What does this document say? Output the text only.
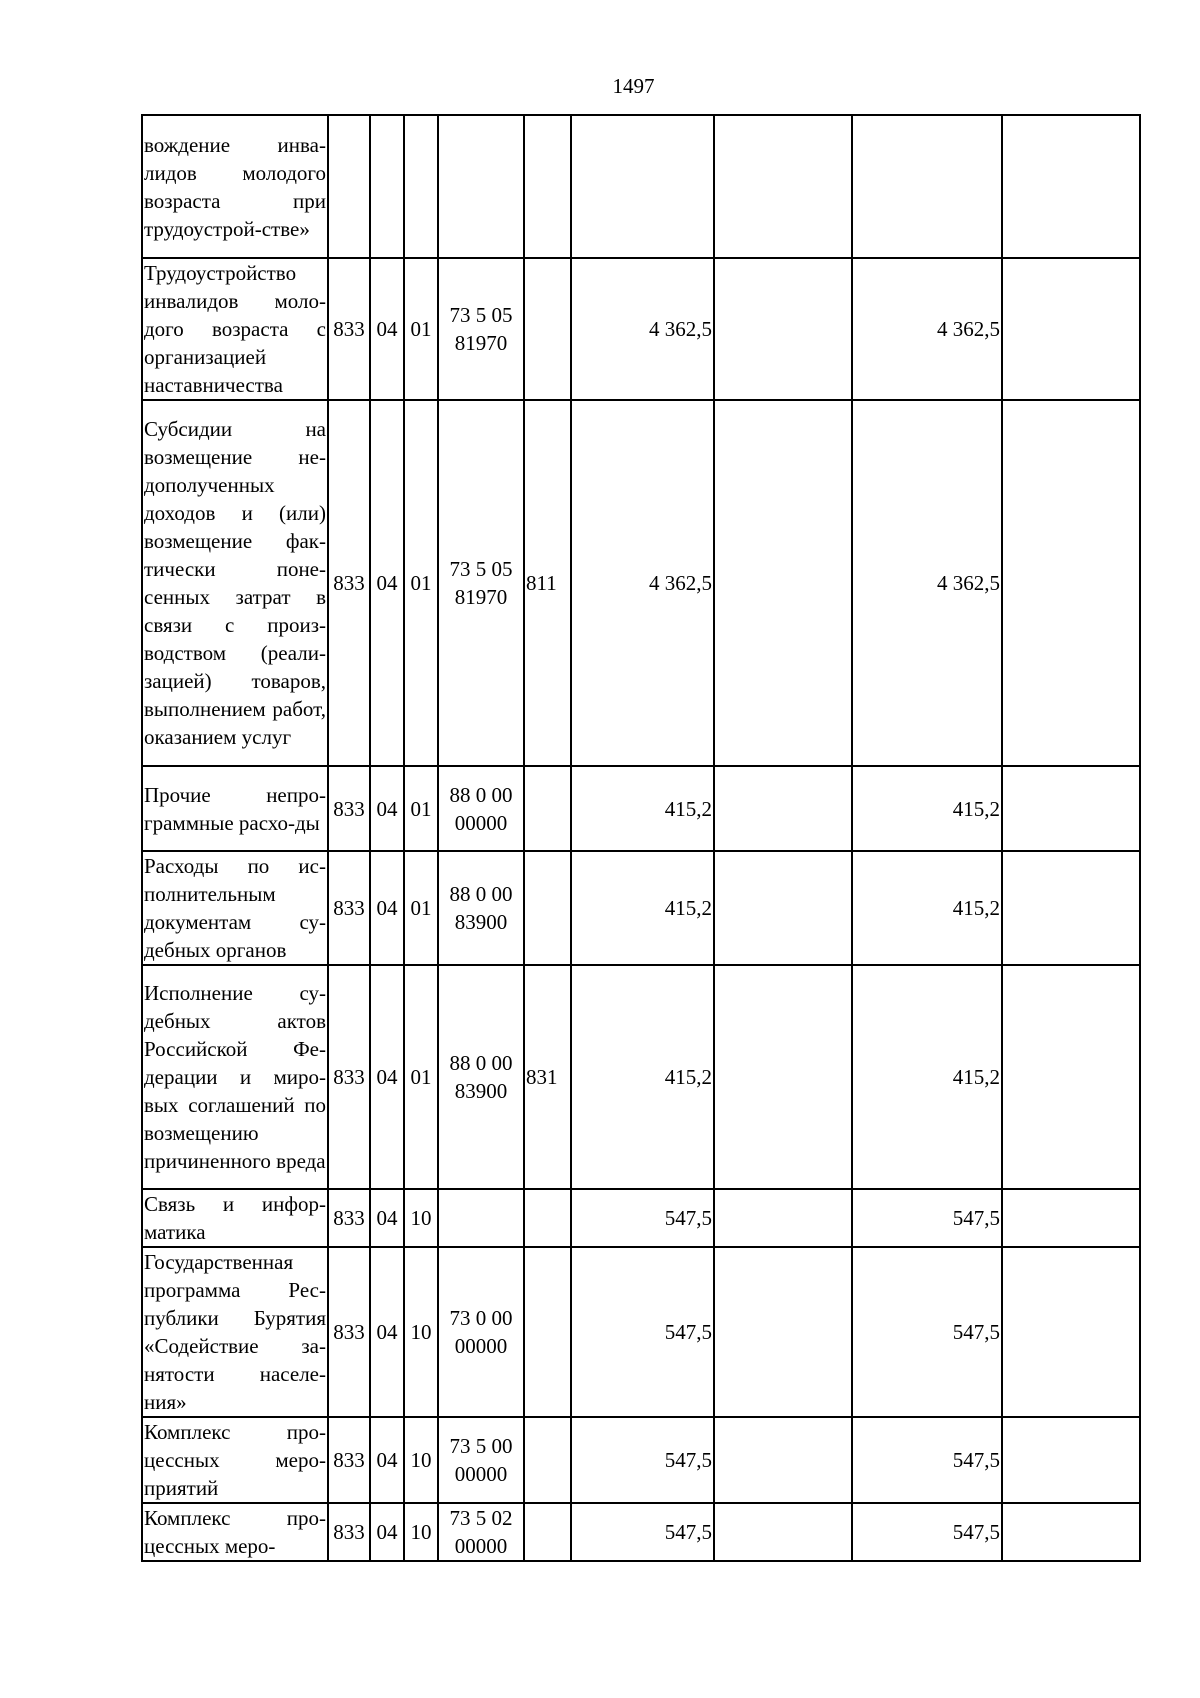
1497
вождение инва-лидов молодого возраста при трудоустрой-стве»									
Трудоустройство инвалидов моло-дого возраста с организацией наставничества	833	04	01	73 5 05 81970		4 362,5		4 362,5	
Субсидии на возмещение не-дополученных доходов и (или) возмещение фак-тически поне-сенных затрат в связи с произ-водством (реали-зацией) товаров, выполнением работ, оказанием услуг	833	04	01	73 5 05 81970	811	4 362,5		4 362,5	
Прочие непро-граммные расхо-ды	833	04	01	88 0 00 00000		415,2		415,2	
Расходы по ис-полнительным документам су-дебных органов	833	04	01	88 0 00 83900		415,2		415,2	
Исполнение су-дебных актов Российской Фе-дерации и миро-вых соглашений по возмещению причиненного вреда	833	04	01	88 0 00 83900	831	415,2		415,2	
Связь и инфор-матика	833	04	10			547,5		547,5	
Государственная программа Рес-публики Бурятия «Содействие за-нятости населе-ния»	833	04	10	73 0 00 00000		547,5		547,5	
Комплекс про-цессных меро-приятий	833	04	10	73 5 00 00000		547,5		547,5	
Комплекс про-цессных меро-	833	04	10	73 5 02 00000		547,5		547,5	
